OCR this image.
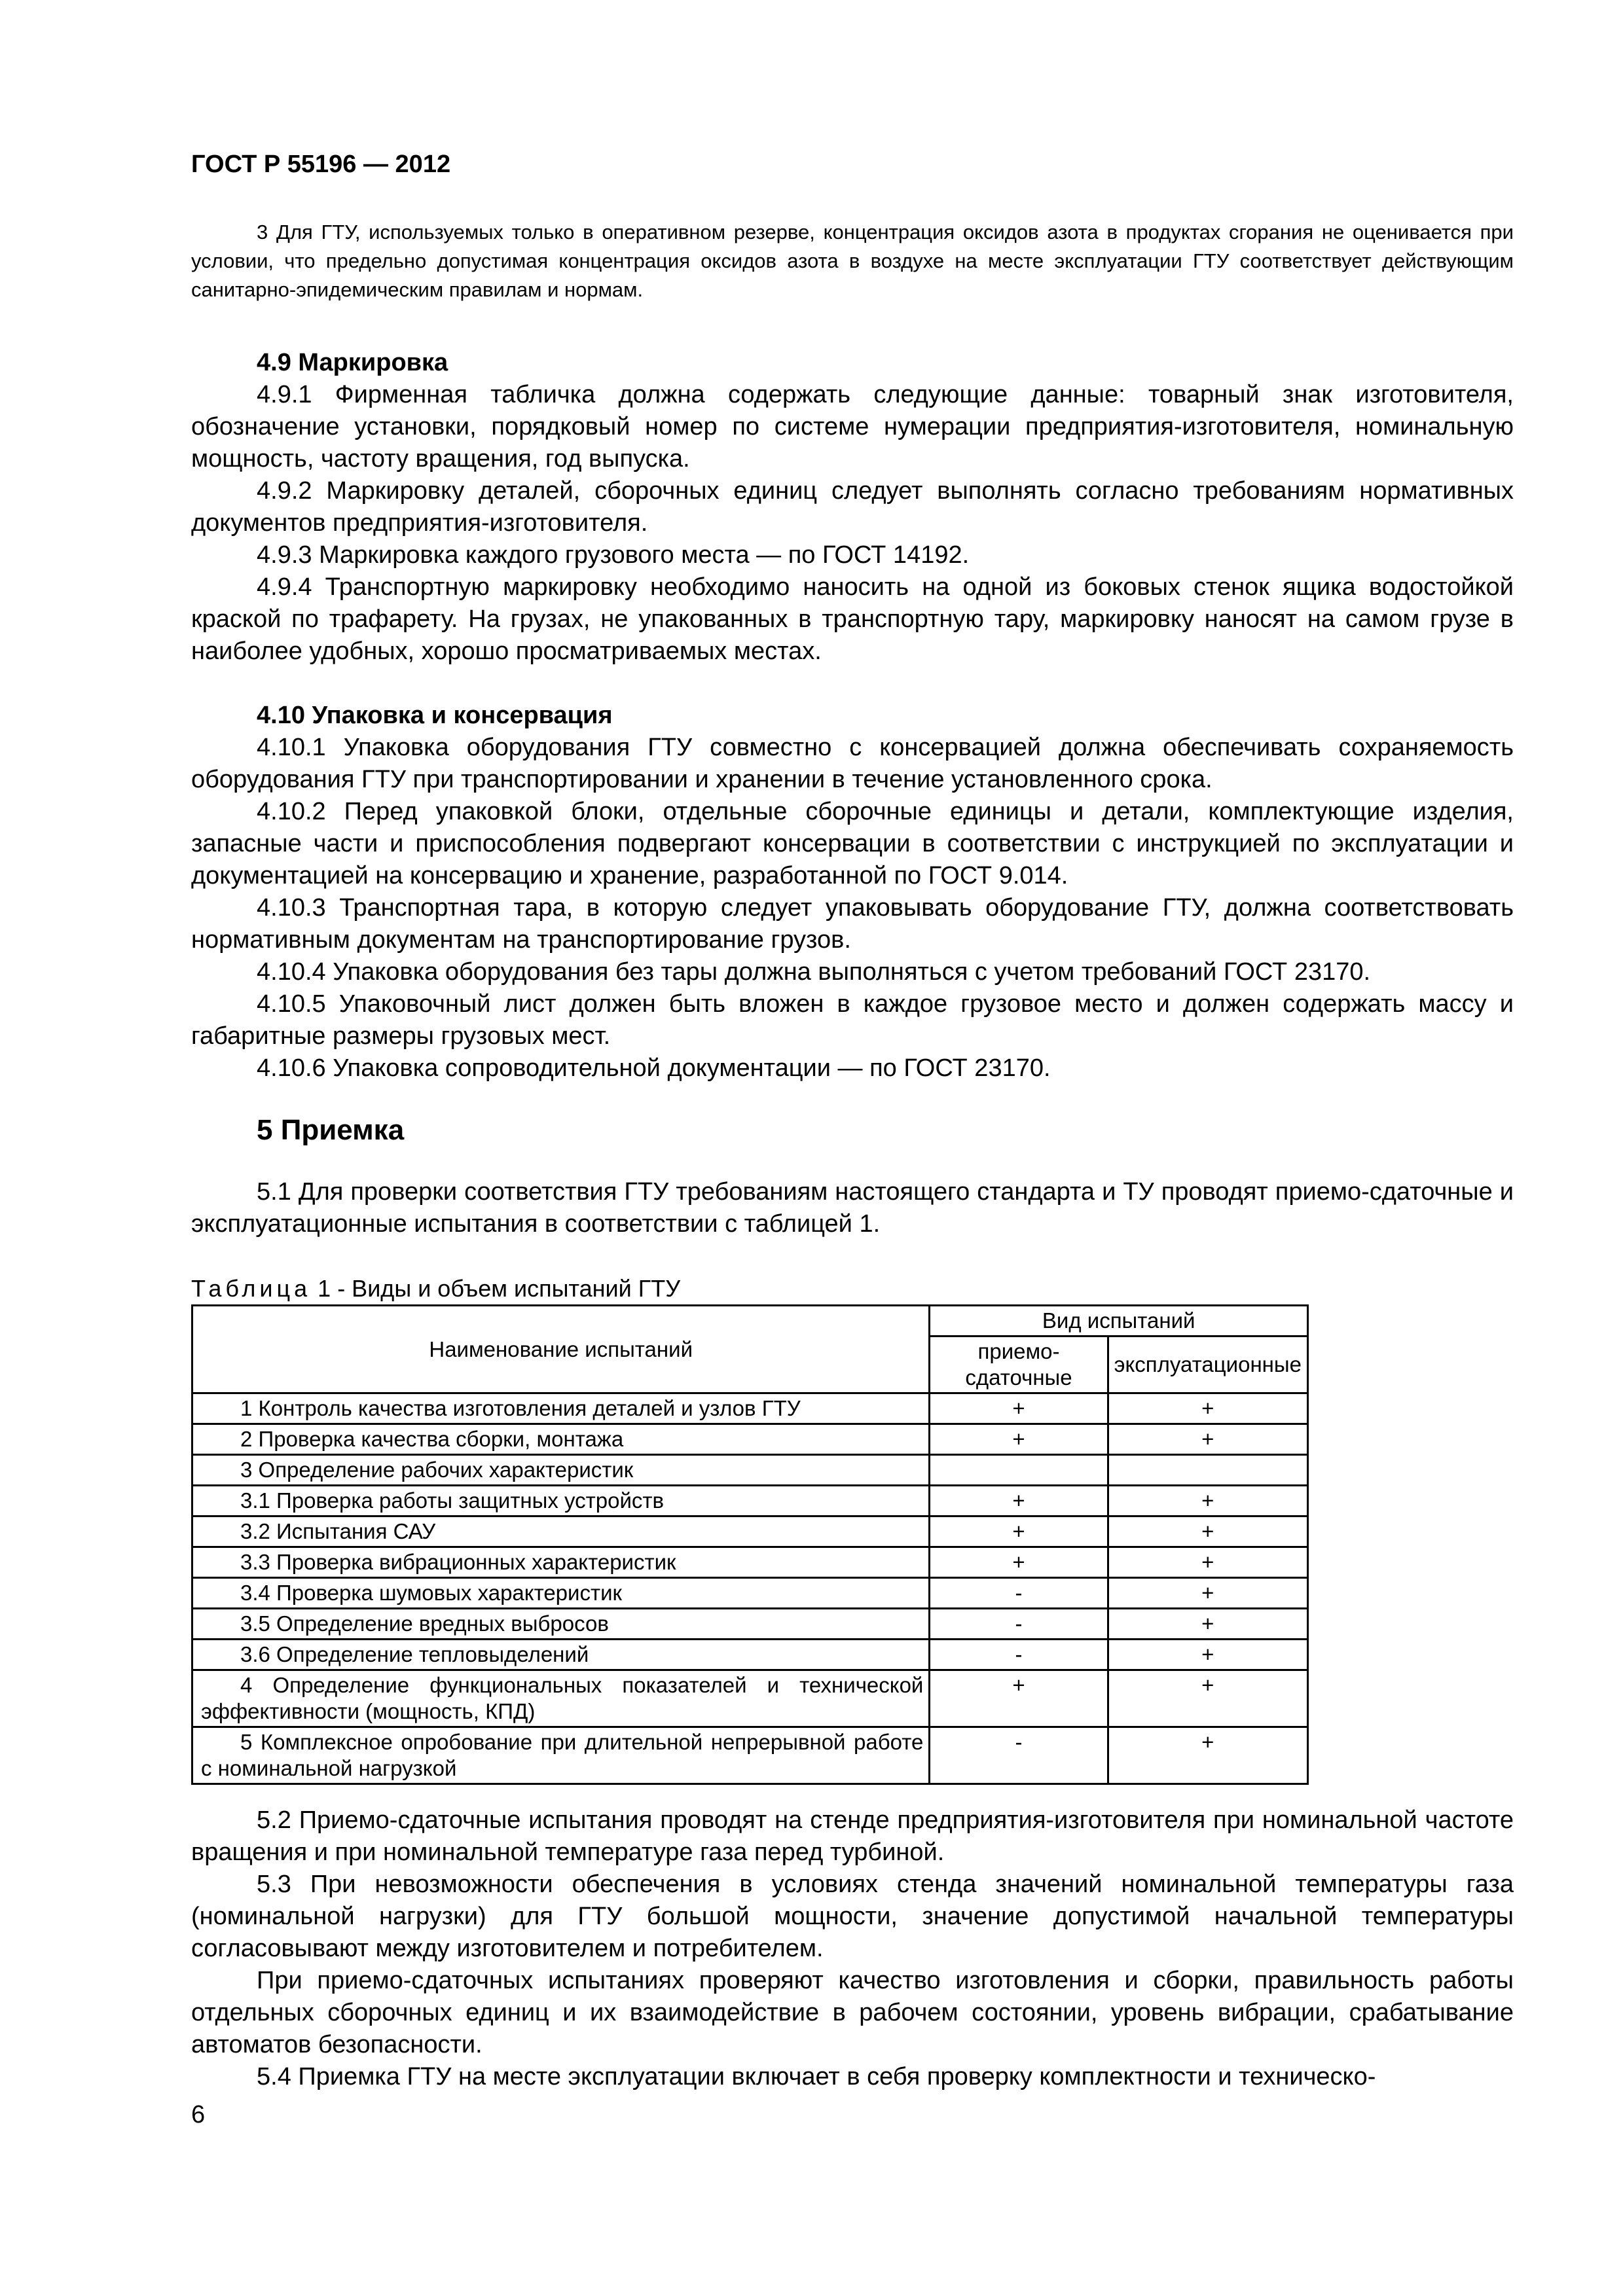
ГОСТ Р 55196 — 2012

3 Для ГТУ, используемых только в оперативном резерве, концентрация оксидов азота в продуктах сгорания не оценивается при условии, что предельно допустимая концентрация оксидов азота в воздухе на месте эксплуатации ГТУ соответствует действующим санитарно-эпидемическим правилам и нормам.

4.9 Маркировка

4.9.1 Фирменная табличка должна содержать следующие данные: товарный знак изготовителя, обозначение установки, порядковый номер по системе нумерации предприятия-изготовителя, номинальную мощность, частоту вращения, год выпуска.

4.9.2 Маркировку деталей, сборочных единиц следует выполнять согласно требованиям нормативных документов предприятия-изготовителя.

4.9.3 Маркировка каждого грузового места — по ГОСТ 14192.

4.9.4 Транспортную маркировку необходимо наносить на одной из боковых стенок ящика водостойкой краской по трафарету. На грузах, не упакованных в транспортную тару, маркировку наносят на самом грузе в наиболее удобных, хорошо просматриваемых местах.

4.10 Упаковка и консервация

4.10.1 Упаковка оборудования ГТУ совместно с консервацией должна обеспечивать сохраняемость оборудования ГТУ при транспортировании и хранении в течение установленного срока.

4.10.2 Перед упаковкой блоки, отдельные сборочные единицы и детали, комплектующие изделия, запасные части и приспособления подвергают консервации в соответствии с инструкцией по эксплуатации и документацией на консервацию и хранение, разработанной по ГОСТ 9.014.

4.10.3 Транспортная тара, в которую следует упаковывать оборудование ГТУ, должна соответствовать нормативным документам на транспортирование грузов.

4.10.4 Упаковка оборудования без тары должна выполняться с учетом требований ГОСТ 23170.

4.10.5 Упаковочный лист должен быть вложен в каждое грузовое место и должен содержать массу и габаритные размеры грузовых мест.

4.10.6 Упаковка сопроводительной документации — по ГОСТ 23170.

5 Приемка

5.1 Для проверки соответствия ГТУ требованиям настоящего стандарта и ТУ проводят приемо-сдаточные и эксплуатационные испытания в соответствии с таблицей 1.

Таблица 1 - Виды и объем испытаний ГТУ
Наименование испытаний	Вид испытаний	
	приемо-сдаточные	эксплуатационные
1 Контроль качества изготовления деталей и узлов ГТУ	+	+
2 Проверка качества сборки, монтажа	+	+
3 Определение рабочих характеристик		
3.1 Проверка работы защитных устройств	+	+
3.2 Испытания САУ	+	+
3.3 Проверка вибрационных характеристик	+	+
3.4 Проверка шумовых характеристик	-	+
3.5 Определение вредных выбросов	-	+
3.6 Определение тепловыделений	-	+
4 Определение функциональных показателей и технической эффективности (мощность, КПД)	+	+
5 Комплексное опробование при длительной непрерывной работе с номинальной нагрузкой	-	+

5.2 Приемо-сдаточные испытания проводят на стенде предприятия-изготовителя при номинальной частоте вращения и при номинальной температуре газа перед турбиной.

5.3 При невозможности обеспечения в условиях стенда значений номинальной температуры газа (номинальной нагрузки) для ГТУ большой мощности, значение допустимой начальной температуры согласовывают между изготовителем и потребителем.

При приемо-сдаточных испытаниях проверяют качество изготовления и сборки, правильность работы отдельных сборочных единиц и их взаимодействие в рабочем состоянии, уровень вибрации, срабатывание автоматов безопасности.

5.4 Приемка ГТУ на месте эксплуатации включает в себя проверку комплектности и техническо-

6
